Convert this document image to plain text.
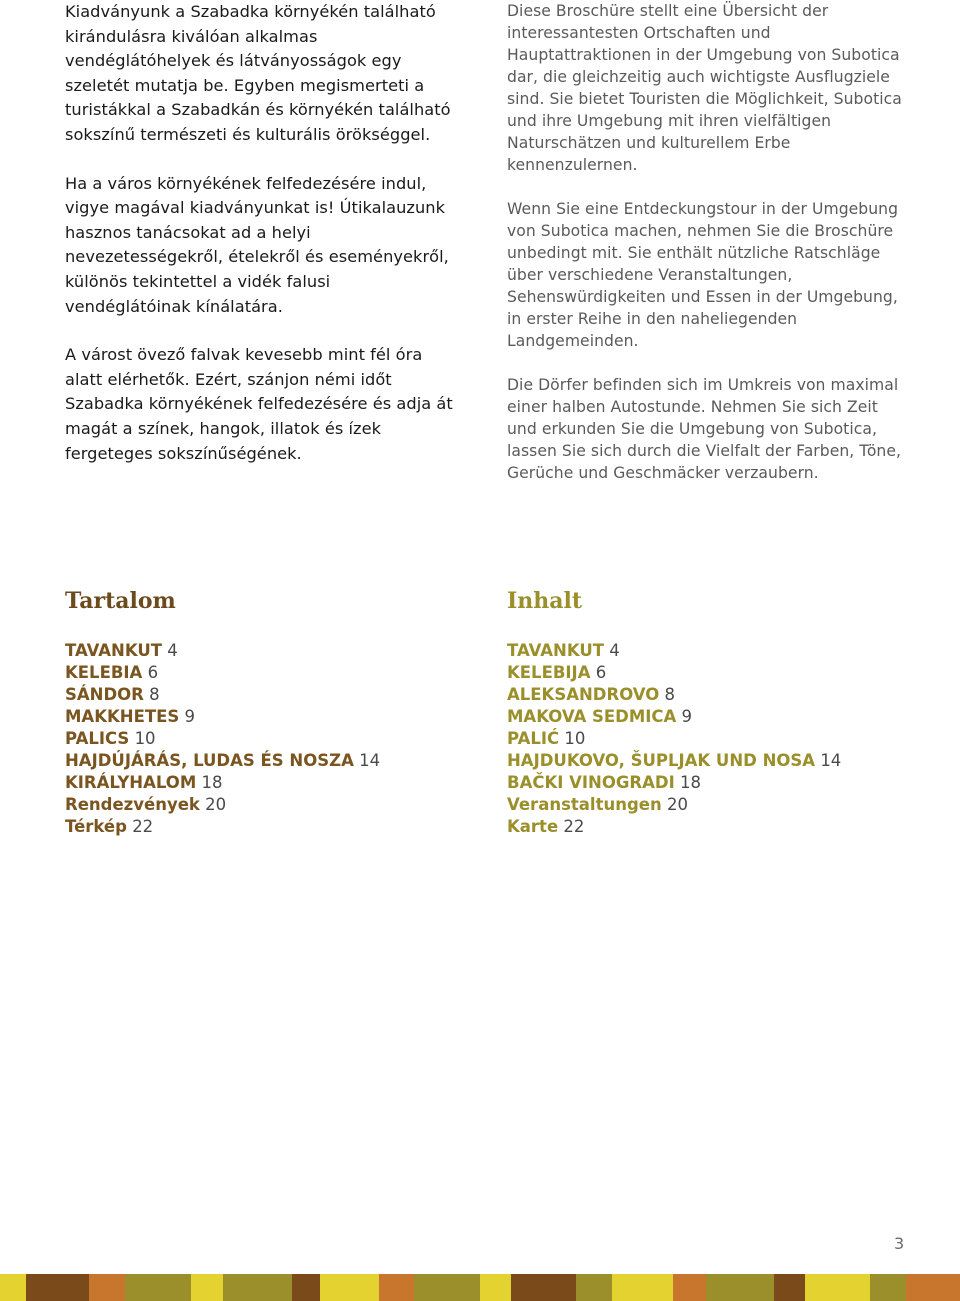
Kiadványunk a Szabadka környékén található kirándulásra kiválóan alkalmas vendéglátóhelyek és látványosságok egy szeletét mutatja be. Egyben megismerteti a turistákkal a Szabadkán és környékén található sokszínű természeti és kulturális örökséggel.

Ha a város környékének felfedezésére indul, vigye magával kiadványunkat is! Útikalauzunk hasznos tanácsokat ad a helyi nevezetességekről, ételekről és eseményekről, különös tekintettel a vidék falusi vendéglátóinak kínálatára.

A várost övező falvak kevesebb mint fél óra alatt elérhetők. Ezért, szánjon némi időt Szabadka környékének felfedezésére és adja át magát a színek, hangok, illatok és ízek fergeteges sokszínűségének.

Diese Broschüre stellt eine Übersicht der interessantesten Ortschaften und Hauptattraktionen in der Umgebung von Subotica dar, die gleichzeitig auch wichtigste Ausflugziele sind. Sie bietet Touristen die Möglichkeit, Subotica und ihre Umgebung mit ihren vielfältigen Naturschätzen und kulturellem Erbe kennenzulernen.

Wenn Sie eine Entdeckungstour in der Umgebung von Subotica machen, nehmen Sie die Broschüre unbedingt mit. Sie enthält nützliche Ratschläge über verschiedene Veranstaltungen, Sehenswürdigkeiten und Essen in der Umgebung, in erster Reihe in den naheliegenden Landgemeinden.

Die Dörfer befinden sich im Umkreis von maximal einer halben Autostunde. Nehmen Sie sich Zeit und erkunden Sie die Umgebung von Subotica, lassen Sie sich durch die Vielfalt der Farben, Töne, Gerüche und Geschmäcker verzaubern.

Tartalom
TAVANKUT 4
KELEBIA 6
SÁNDOR 8
MAKKHETES 9
PALICS 10
HAJDÚJÁRÁS, LUDAS ÉS NOSZA 14
KIRÁLYHALOM 18
Rendezvények 20
Térkép 22
Inhalt
TAVANKUT 4
KELEBIJA 6
ALEKSANDROVO 8
MAKOVA SEDMICA 9
PALIĆ 10
HAJDUKOVO, ŠUPLJAK UND NOSA 14
BAČKI VINOGRADI 18
Veranstaltungen 20
Karte 22
3
